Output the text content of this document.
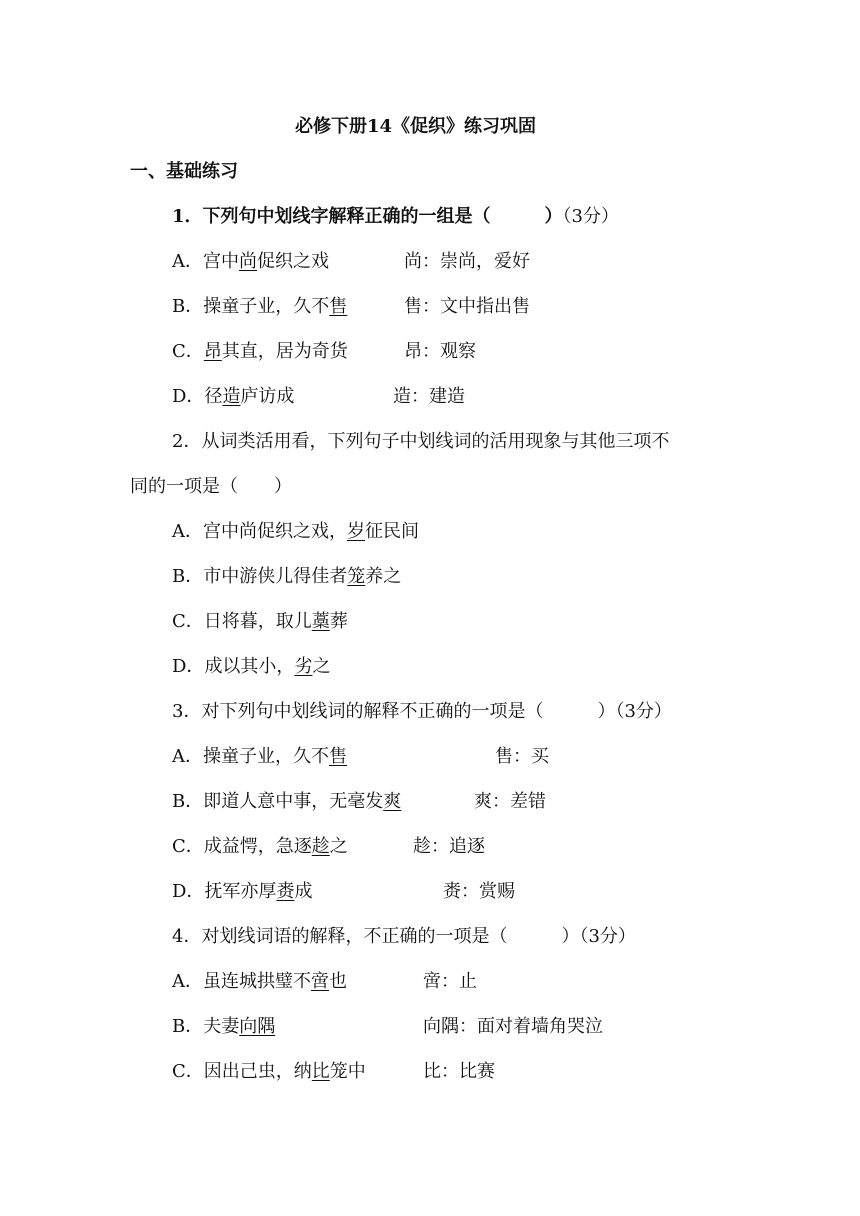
必修下册14《促织》练习巩固
一、基础练习
1．下列句中划线字解释正确的一组是（　　　）（3分）
A．宫中尚促织之戏	尚：崇尚，爱好
B．操童子业，久不售	售：文中指出售
C．昂其直，居为奇货	昂：观察
D．径造庐访成	造：建造
2．从词类活用看，下列句子中划线词的活用现象与其他三项不
同的一项是（　　）
A．宫中尚促织之戏，岁征民间
B．市中游侠儿得佳者笼养之
C．日将暮，取儿藁葬
D．成以其小，劣之
3．对下列句中划线词的解释不正确的一项是（　　　）（3分）
A．操童子业，久不售	售：买
B．即道人意中事，无毫发爽	爽：差错
C．成益愕，急逐趁之	趁：追逐
D．抚军亦厚赉成	赉：赏赐
4．对划线词语的解释，不正确的一项是（　　　）（3分）
A．虽连城拱璧不啻也	啻：止
B．夫妻向隅	向隅：面对着墙角哭泣
C．因出己虫，纳比笼中	比：比赛
